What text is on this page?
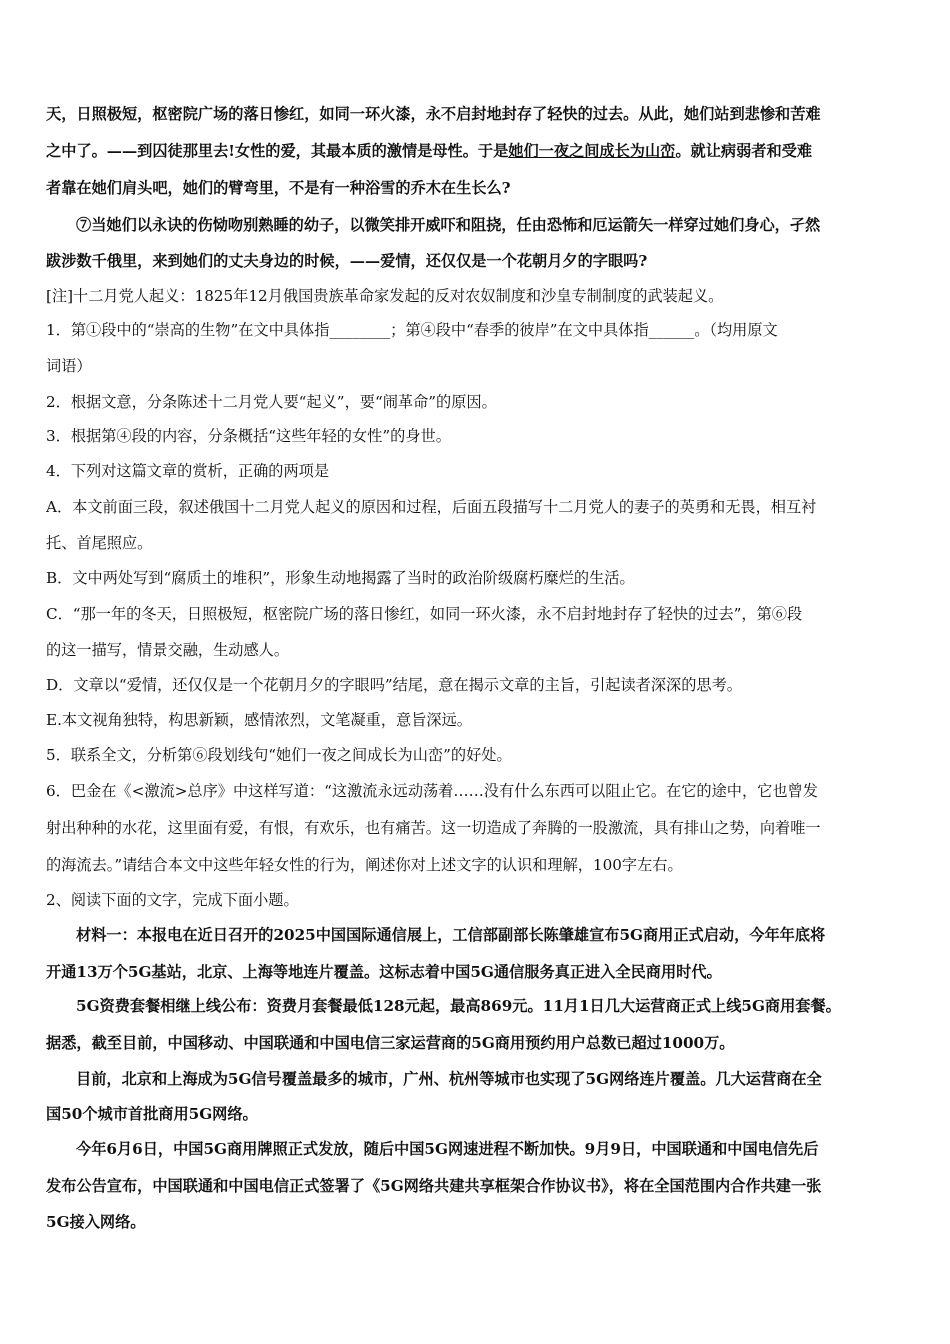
天，日照极短，枢密院广场的落日惨红，如同一环火漆，永不启封地封存了轻快的过去。从此，她们站到悲惨和苦难
之中了。——到囚徒那里去!女性的爱，其最本质的激情是母性。于是她们一夜之间成长为山峦。就让病弱者和受难
者靠在她们肩头吧，她们的臂弯里，不是有一种浴雪的乔木在生长么?
⑦当她们以永诀的伤恸吻别熟睡的幼子，以微笑排开威吓和阻挠，任由恐怖和厄运箭矢一样穿过她们身心，孑然
跋涉数千俄里，来到她们的丈夫身边的时候，——爱情，还仅仅是一个花朝月夕的字眼吗?
[注]十二月党人起义：1825年12月俄国贵族革命家发起的反对农奴制度和沙皇专制制度的武装起义。
1．第①段中的“崇高的生物”在文中具体指________；第④段中“春季的彼岸”在文中具体指______。（均用原文
词语）
2．根据文意，分条陈述十二月党人要“起义”，要“闹革命”的原因。
3．根据第④段的内容，分条概括“这些年轻的女性”的身世。
4．下列对这篇文章的赏析，正确的两项是
A．本文前面三段，叙述俄国十二月党人起义的原因和过程，后面五段描写十二月党人的妻子的英勇和无畏，相互衬
托、首尾照应。
B．文中两处写到“腐质土的堆积”，形象生动地揭露了当时的政治阶级腐朽糜烂的生活。
C．“那一年的冬天，日照极短，枢密院广场的落日惨红，如同一环火漆，永不启封地封存了轻快的过去”，第⑥段
的这一描写，情景交融，生动感人。
D．文章以“爱情，还仅仅是一个花朝月夕的字眼吗”结尾，意在揭示文章的主旨，引起读者深深的思考。
E.本文视角独特，构思新颖，感情浓烈，文笔凝重，意旨深远。
5．联系全文，分析第⑥段划线句“她们一夜之间成长为山峦”的好处。
6．巴金在《<激流>总序》中这样写道：“这激流永远动荡着……没有什么东西可以阻止它。在它的途中，它也曾发
射出种种的水花，这里面有爱，有恨，有欢乐，也有痛苦。这一切造成了奔腾的一股激流，具有排山之势，向着唯一
的海流去。”请结合本文中这些年轻女性的行为，阐述你对上述文字的认识和理解，100字左右。
2、阅读下面的文字，完成下面小题。
材料一：本报电在近日召开的2025中国国际通信展上，工信部副部长陈肇雄宣布5G商用正式启动，今年年底将
开通13万个5G基站，北京、上海等地连片覆盖。这标志着中国5G通信服务真正进入全民商用时代。
5G资费套餐相继上线公布：资费月套餐最低128元起，最高869元。11月1日几大运营商正式上线5G商用套餐。
据悉，截至目前，中国移动、中国联通和中国电信三家运营商的5G商用预约用户总数已超过1000万。
目前，北京和上海成为5G信号覆盖最多的城市，广州、杭州等城市也实现了5G网络连片覆盖。几大运营商在全
国50个城市首批商用5G网络。
今年6月6日，中国5G商用牌照正式发放，随后中国5G网速进程不断加快。9月9日，中国联通和中国电信先后
发布公告宣布，中国联通和中国电信正式签署了《5G网络共建共享框架合作协议书》，将在全国范围内合作共建一张
5G接入网络。
